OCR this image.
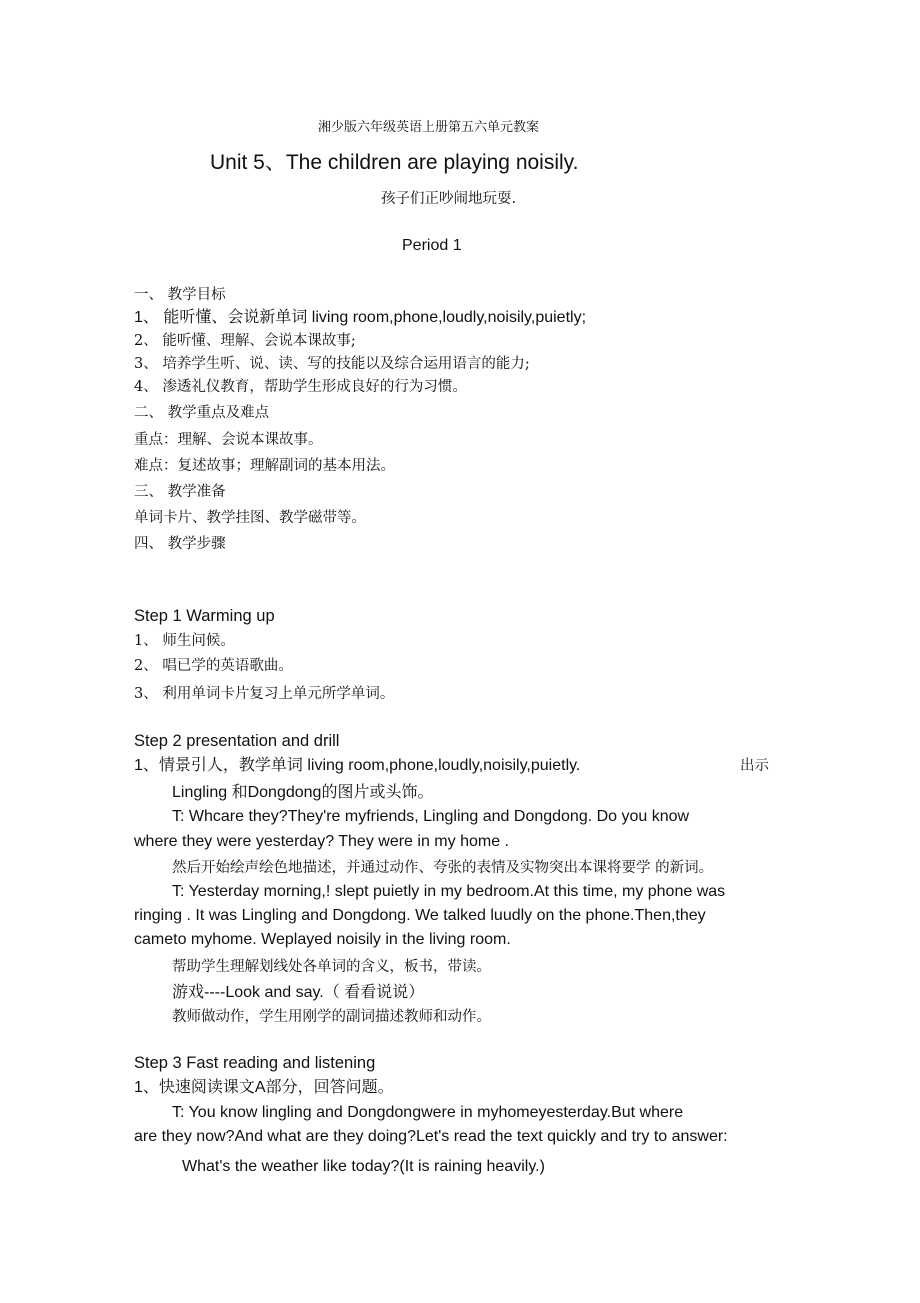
湘少版六年级英语上册第五六单元教案
Unit 5、The children are playing noisily.
孩子们正吵闹地玩耍.
Period 1
一、 教学目标
1、 能听懂、会说新单词 living room,phone,loudly,noisily,puietly;
2、 能听懂、理解、会说本课故事;
3、 培养学生听、说、读、写的技能以及综合运用语言的能力;
4、 渗透礼仪教育，帮助学生形成良好的行为习惯。
二、 教学重点及难点
重点：理解、会说本课故事。
难点：复述故事；理解副词的基本用法。
三、 教学准备
单词卡片、教学挂图、教学磁带等。
四、 教学步骤
Step 1 Warming up
1、 师生问候。
2、 唱已学的英语歌曲。
3、 利用单词卡片复习上单元所学单词。
Step 2 presentation and drill
1、情景引人，教学单词 living room,phone,loudly,noisily,puietly.	出示
Lingling 和Dongdong的图片或头饰。
T: Whcare they?They're myfriends, Lingling and Dongdong. Do you know
where they were yesterday? They were in my home .
然后开始绘声绘色地描述，并通过动作、夸张的表情及实物突出本课将要学 的新词。
T: Yesterday morning,! slept puietly in my bedroom.At this time, my phone was
ringing . It was Lingling and Dongdong. We talked luudly on the phone.Then,they
cameto myhome. Weplayed noisily in the living room.
帮助学生理解划线处各单词的含义，板书，带读。
游戏----Look and say.（ 看看说说）
教师做动作，学生用刚学的副词描述教师和动作。
Step 3 Fast reading and listening
1、快速阅读课文A部分，回答问题。
T: You know lingling and Dongdongwere in myhomeyesterday.But where
are they now?And what are they doing?Let's read the text quickly and try to answer:
What's the weather like today?(It is raining heavily.)
